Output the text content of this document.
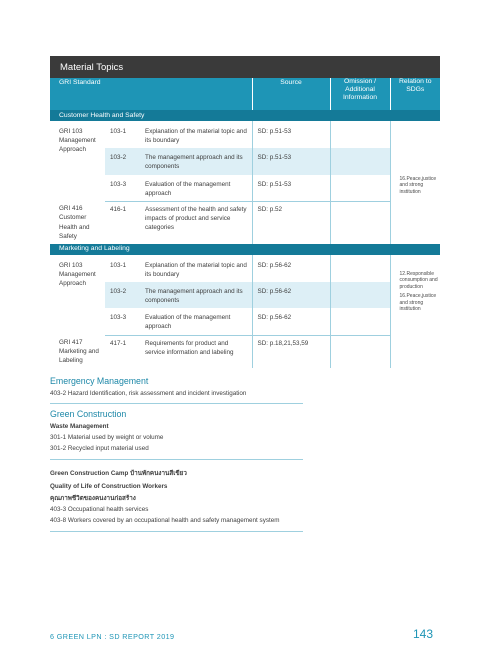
Material Topics
GRI Standard			Source	Omission / Additional Information	Relation to SDGs
Customer Health and Safety					
GRI 103 Management Approach	103-1	Explanation of the material topic and its boundary	SD: p.51-53		16.Peace,justice and strong institution
	103-2	The management approach and its components	SD: p.51-53		
	103-3	Evaluation of the management approach	SD: p.51-53		
GRI 416 Customer Health and Safety	416-1	Assessment of the health and safety impacts of product and service categories	SD: p.52		
Marketing and Labeling					
GRI 103 Management Approach	103-1	Explanation of the material topic and its boundary	SD: p.56-62		12.Responsible consumption and production
16.Peace,justice and strong institution

	103-2	The management approach and its components	SD: p.56-62		
	103-3	Evaluation of the management approach	SD: p.56-62		
GRI 417 Marketing and Labeling	417-1	Requirements for product and service information and labeling	SD: p.18,21,53,59		
Emergency Management
403-2 Hazard Identification, risk assessment and incident investigation
Green Construction
Waste Management
301-1 Material used by weight or volume
301-2 Recycled input material used
Green Construction Camp บ้านพักคนงานสีเขียว
Quality of Life of Construction Workers
คุณภาพชีวิตของคนงานก่อสร้าง
403-3 Occupational health services
403-8 Workers covered by an occupational health and safety management system
6 GREEN LPN : SD REPORT 2019	143
